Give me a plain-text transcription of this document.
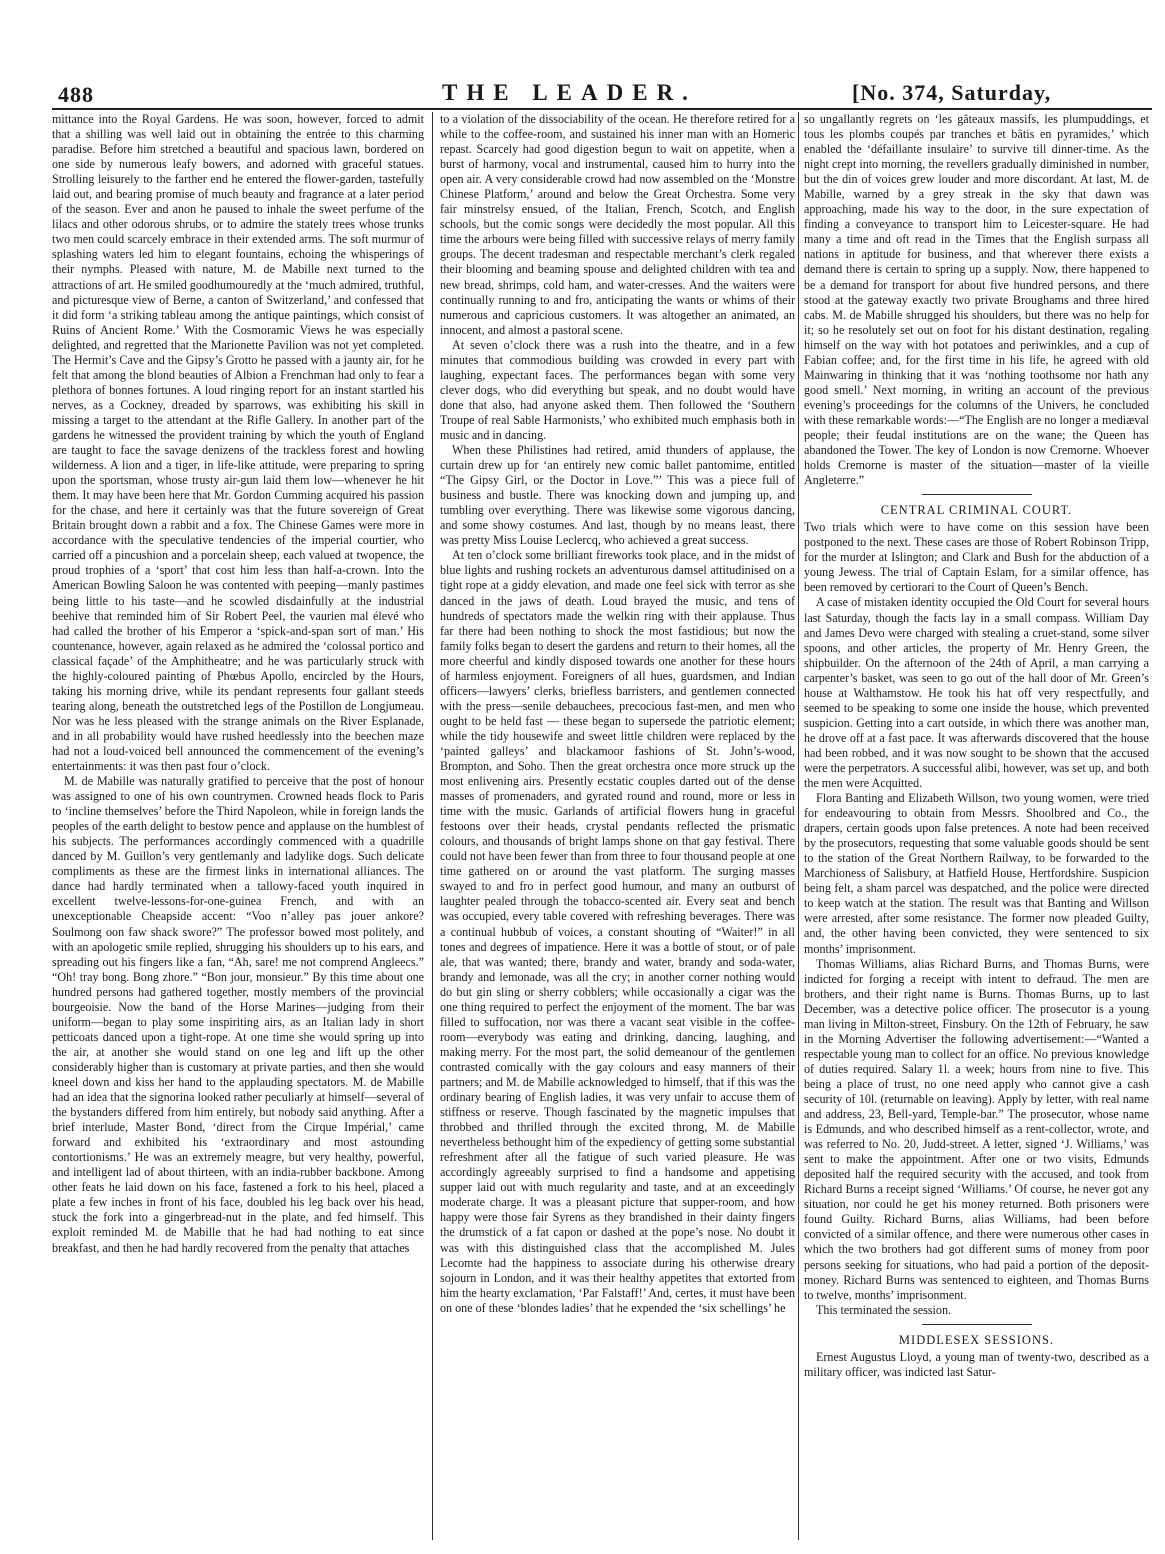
488	THE LEADER.	[No. 374, Saturday,

mittance into the Royal Gardens. He was soon, however, forced to admit that a shilling was well laid out in obtaining the entrée to this charming paradise. Before him stretched a beautiful and spacious lawn, bordered on one side by numerous leafy bowers, and adorned with graceful statues. Strolling leisurely to the farther end he entered the flower-garden, tastefully laid out, and bearing promise of much beauty and fragrance at a later period of the season. Ever and anon he paused to inhale the sweet perfume of the lilacs and other odorous shrubs, or to admire the stately trees whose trunks two men could scarcely embrace in their extended arms. The soft murmur of splashing waters led him to elegant fountains, echoing the whisperings of their nymphs. Pleased with nature, M. de Mabille next turned to the attractions of art. He smiled goodhumouredly at the ‘much admired, truthful, and picturesque view of Berne, a canton of Switzerland,’ and confessed that it did form ‘a striking tableau among the antique paintings, which consist of Ruins of Ancient Rome.’ With the Cosmoramic Views he was especially delighted, and regretted that the Marionette Pavilion was not yet completed. The Hermit’s Cave and the Gipsy’s Grotto he passed with a jaunty air, for he felt that among the blond beauties of Albion a Frenchman had only to fear a plethora of bonnes fortunes. A loud ringing report for an instant startled his nerves, as a Cockney, dreaded by sparrows, was exhibiting his skill in missing a target to the attendant at the Rifle Gallery. In another part of the gardens he witnessed the provident training by which the youth of England are taught to face the savage denizens of the trackless forest and howling wilderness. A lion and a tiger, in life-like attitude, were preparing to spring upon the sportsman, whose trusty air-gun laid them low—whenever he hit them. It may have been here that Mr. Gordon Cumming acquired his passion for the chase, and here it certainly was that the future sovereign of Great Britain brought down a rabbit and a fox. The Chinese Games were more in accordance with the speculative tendencies of the imperial courtier, who carried off a pincushion and a porcelain sheep, each valued at twopence, the proud trophies of a ‘sport’ that cost him less than half-a-crown. Into the American Bowling Saloon he was contented with peeping—manly pastimes being little to his taste—and he scowled disdainfully at the industrial beehive that reminded him of Sir Robert Peel, the vaurien mal élevé who had called the brother of his Emperor a ‘spick-and-span sort of man.’ His countenance, however, again relaxed as he admired the ‘colossal portico and classical façade’ of the Amphitheatre; and he was particularly struck with the highly-coloured painting of Phœbus Apollo, encircled by the Hours, taking his morning drive, while its pendant represents four gallant steeds tearing along, beneath the outstretched legs of the Postillon de Longjumeau. Nor was he less pleased with the strange animals on the River Esplanade, and in all probability would have rushed heedlessly into the beechen maze had not a loud-voiced bell announced the commencement of the evening’s entertainments: it was then past four o’clock.

M. de Mabille was naturally gratified to perceive that the post of honour was assigned to one of his own countrymen. Crowned heads flock to Paris to ‘incline themselves’ before the Third Napoleon, while in foreign lands the peoples of the earth delight to bestow pence and applause on the humblest of his subjects. The performances accordingly commenced with a quadrille danced by M. Guillon’s very gentlemanly and ladylike dogs. Such delicate compliments as these are the firmest links in international alliances. The dance had hardly terminated when a tallowy-faced youth inquired in excellent twelve-lessons-for-one-guinea French, and with an unexceptionable Cheapside accent: “Voo n’alley pas jouer ankore? Soulmong oon faw shack swore?” The professor bowed most politely, and with an apologetic smile replied, shrugging his shoulders up to his ears, and spreading out his fingers like a fan, “Ah, sare! me not comprend Angleecs.” “Oh! tray bong. Bong zhore.” “Bon jour, monsieur.” By this time about one hundred persons had gathered together, mostly members of the provincial bourgeoisie. Now the band of the Horse Marines—judging from their uniform—began to play some inspiriting airs, as an Italian lady in short petticoats danced upon a tight-rope. At one time she would spring up into the air, at another she would stand on one leg and lift up the other considerably higher than is customary at private parties, and then she would kneel down and kiss her hand to the applauding spectators. M. de Mabille had an idea that the signorina looked rather peculiarly at himself—several of the bystanders differed from him entirely, but nobody said anything. After a brief interlude, Master Bond, ‘direct from the Cirque Impérial,’ came forward and exhibited his ‘extraordinary and most astounding contortionisms.’ He was an extremely meagre, but very healthy, powerful, and intelligent lad of about thirteen, with an india-rubber backbone. Among other feats he laid down on his face, fastened a fork to his heel, placed a plate a few inches in front of his face, doubled his leg back over his head, stuck the fork into a gingerbread-nut in the plate, and fed himself. This exploit reminded M. de Mabille that he had had nothing to eat since breakfast, and then he had hardly recovered from the penalty that attaches

to a violation of the dissociability of the ocean. He therefore retired for a while to the coffee-room, and sustained his inner man with an Homeric repast. Scarcely had good digestion begun to wait on appetite, when a burst of harmony, vocal and instrumental, caused him to hurry into the open air. A very considerable crowd had now assembled on the ‘Monstre Chinese Platform,’ around and below the Great Orchestra. Some very fair minstrelsy ensued, of the Italian, French, Scotch, and English schools, but the comic songs were decidedly the most popular. All this time the arbours were being filled with successive relays of merry family groups. The decent tradesman and respectable merchant’s clerk regaled their blooming and beaming spouse and delighted children with tea and new bread, shrimps, cold ham, and water-cresses. And the waiters were continually running to and fro, anticipating the wants or whims of their numerous and capricious customers. It was altogether an animated, an innocent, and almost a pastoral scene.

At seven o’clock there was a rush into the theatre, and in a few minutes that commodious building was crowded in every part with laughing, expectant faces. The performances began with some very clever dogs, who did everything but speak, and no doubt would have done that also, had anyone asked them. Then followed the ‘Southern Troupe of real Sable Harmonists,’ who exhibited much emphasis both in music and in dancing.

When these Philistines had retired, amid thunders of applause, the curtain drew up for ‘an entirely new comic ballet pantomime, entitled “The Gipsy Girl, or the Doctor in Love.”’ This was a piece full of business and bustle. There was knocking down and jumping up, and tumbling over everything. There was likewise some vigorous dancing, and some showy costumes. And last, though by no means least, there was pretty Miss Louise Leclercq, who achieved a great success.

At ten o’clock some brilliant fireworks took place, and in the midst of blue lights and rushing rockets an adventurous damsel attitudinised on a tight rope at a giddy elevation, and made one feel sick with terror as she danced in the jaws of death. Loud brayed the music, and tens of hundreds of spectators made the welkin ring with their applause. Thus far there had been nothing to shock the most fastidious; but now the family folks began to desert the gardens and return to their homes, all the more cheerful and kindly disposed towards one another for these hours of harmless enjoyment. Foreigners of all hues, guardsmen, and Indian officers—lawyers’ clerks, briefless barristers, and gentlemen connected with the press—senile debauchees, precocious fast-men, and men who ought to be held fast — these began to supersede the patriotic element; while the tidy housewife and sweet little children were replaced by the ‘painted galleys’ and blackamoor fashions of St. John’s-wood, Brompton, and Soho. Then the great orchestra once more struck up the most enlivening airs. Presently ecstatic couples darted out of the dense masses of promenaders, and gyrated round and round, more or less in time with the music. Garlands of artificial flowers hung in graceful festoons over their heads, crystal pendants reflected the prismatic colours, and thousands of bright lamps shone on that gay festival. There could not have been fewer than from three to four thousand people at one time gathered on or around the vast platform. The surging masses swayed to and fro in perfect good humour, and many an outburst of laughter pealed through the tobacco-scented air. Every seat and bench was occupied, every table covered with refreshing beverages. There was a continual hubbub of voices, a constant shouting of “Waiter!” in all tones and degrees of impatience. Here it was a bottle of stout, or of pale ale, that was wanted; there, brandy and water, brandy and soda-water, brandy and lemonade, was all the cry; in another corner nothing would do but gin sling or sherry cobblers; while occasionally a cigar was the one thing required to perfect the enjoyment of the moment. The bar was filled to suffocation, nor was there a vacant seat visible in the coffee-room—everybody was eating and drinking, dancing, laughing, and making merry. For the most part, the solid demeanour of the gentlemen contrasted comically with the gay colours and easy manners of their partners; and M. de Mabille acknowledged to himself, that if this was the ordinary bearing of English ladies, it was very unfair to accuse them of stiffness or reserve. Though fascinated by the magnetic impulses that throbbed and thrilled through the excited throng, M. de Mabille nevertheless bethought him of the expediency of getting some substantial refreshment after all the fatigue of such varied pleasure. He was accordingly agreeably surprised to find a handsome and appetising supper laid out with much regularity and taste, and at an exceedingly moderate charge. It was a pleasant picture that supper-room, and how happy were those fair Syrens as they brandished in their dainty fingers the drumstick of a fat capon or dashed at the pope’s nose. No doubt it was with this distinguished class that the accomplished M. Jules Lecomte had the happiness to associate during his otherwise dreary sojourn in London, and it was their healthy appetites that extorted from him the hearty exclamation, ‘Par Falstaff!’ And, certes, it must have been on one of these ‘blondes ladies’ that he expended the ‘six schellings’ he

so ungallantly regrets on ‘les gâteaux massifs, les plumpuddings, et tous les plombs coupés par tranches et bâtis en pyramides,’ which enabled the ‘défaillante insulaire’ to survive till dinner-time. As the night crept into morning, the revellers gradually diminished in number, but the din of voices grew louder and more discordant. At last, M. de Mabille, warned by a grey streak in the sky that dawn was approaching, made his way to the door, in the sure expectation of finding a conveyance to transport him to Leicester-square. He had many a time and oft read in the Times that the English surpass all nations in aptitude for business, and that wherever there exists a demand there is certain to spring up a supply. Now, there happened to be a demand for transport for about five hundred persons, and there stood at the gateway exactly two private Broughams and three hired cabs. M. de Mabille shrugged his shoulders, but there was no help for it; so he resolutely set out on foot for his distant destination, regaling himself on the way with hot potatoes and periwinkles, and a cup of Fabian coffee; and, for the first time in his life, he agreed with old Mainwaring in thinking that it was ‘nothing toothsome nor hath any good smell.’ Next morning, in writing an account of the previous evening’s proceedings for the columns of the Univers, he concluded with these remarkable words:—“The English are no longer a mediæval people; their feudal institutions are on the wane; the Queen has abandoned the Tower. The key of London is now Cremorne. Whoever holds Cremorne is master of the situation—master of la vieille Angleterre.”

CENTRAL CRIMINAL COURT.

Two trials which were to have come on this session have been postponed to the next. These cases are those of Robert Robinson Tripp, for the murder at Islington; and Clark and Bush for the abduction of a young Jewess. The trial of Captain Eslam, for a similar offence, has been removed by certiorari to the Court of Queen’s Bench.

A case of mistaken identity occupied the Old Court for several hours last Saturday, though the facts lay in a small compass. William Day and James Devo were charged with stealing a cruet-stand, some silver spoons, and other articles, the property of Mr. Henry Green, the shipbuilder. On the afternoon of the 24th of April, a man carrying a carpenter’s basket, was seen to go out of the hall door of Mr. Green’s house at Walthamstow. He took his hat off very respectfully, and seemed to be speaking to some one inside the house, which prevented suspicion. Getting into a cart outside, in which there was another man, he drove off at a fast pace. It was afterwards discovered that the house had been robbed, and it was now sought to be shown that the accused were the perpetrators. A successful alibi, however, was set up, and both the men were Acquitted.

Flora Banting and Elizabeth Willson, two young women, were tried for endeavouring to obtain from Messrs. Shoolbred and Co., the drapers, certain goods upon false pretences. A note had been received by the prosecutors, requesting that some valuable goods should be sent to the station of the Great Northern Railway, to be forwarded to the Marchioness of Salisbury, at Hatfield House, Hertfordshire. Suspicion being felt, a sham parcel was despatched, and the police were directed to keep watch at the station. The result was that Banting and Willson were arrested, after some resistance. The former now pleaded Guilty, and, the other having been convicted, they were sentenced to six months’ imprisonment.

Thomas Williams, alias Richard Burns, and Thomas Burns, were indicted for forging a receipt with intent to defraud. The men are brothers, and their right name is Burns. Thomas Burns, up to last December, was a detective police officer. The prosecutor is a young man living in Milton-street, Finsbury. On the 12th of February, he saw in the Morning Advertiser the following advertisement:—“Wanted a respectable young man to collect for an office. No previous knowledge of duties required. Salary 1l. a week; hours from nine to five. This being a place of trust, no one need apply who cannot give a cash security of 10l. (returnable on leaving). Apply by letter, with real name and address, 23, Bell-yard, Temple-bar.” The prosecutor, whose name is Edmunds, and who described himself as a rent-collector, wrote, and was referred to No. 20, Judd-street. A letter, signed ‘J. Williams,’ was sent to make the appointment. After one or two visits, Edmunds deposited half the required security with the accused, and took from Richard Burns a receipt signed ‘Williams.’ Of course, he never got any situation, nor could he get his money returned. Both prisoners were found Guilty. Richard Burns, alias Williams, had been before convicted of a similar offence, and there were numerous other cases in which the two brothers had got different sums of money from poor persons seeking for situations, who had paid a portion of the deposit-money. Richard Burns was sentenced to eighteen, and Thomas Burns to twelve, months’ imprisonment.

This terminated the session.

MIDDLESEX SESSIONS.

Ernest Augustus Lloyd, a young man of twenty-two, described as a military officer, was indicted last Satur-
